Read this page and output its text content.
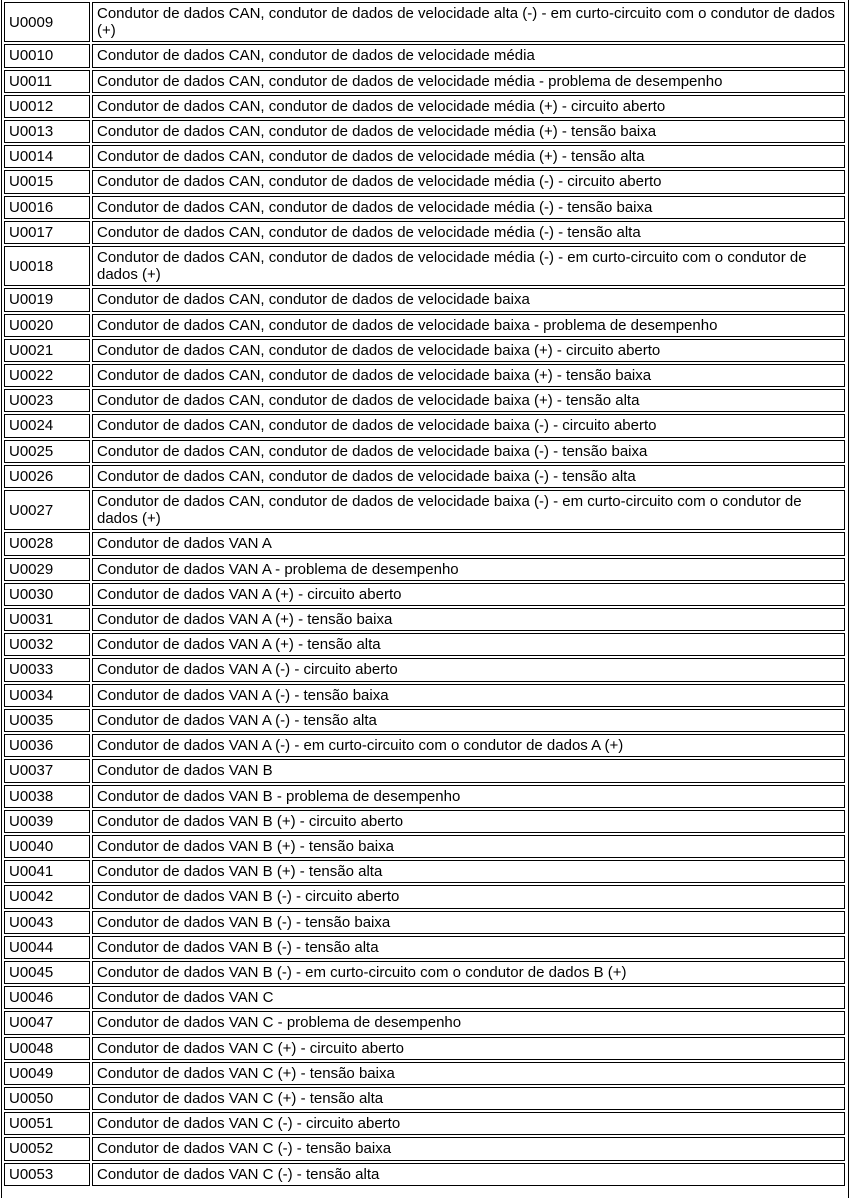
U0009	Condutor de dados CAN, condutor de dados de velocidade alta (-) - em curto-circuito com o condutor de dados (+)
U0010	Condutor de dados CAN, condutor de dados de velocidade média
U0011	Condutor de dados CAN, condutor de dados de velocidade média - problema de desempenho
U0012	Condutor de dados CAN, condutor de dados de velocidade média (+) - circuito aberto
U0013	Condutor de dados CAN, condutor de dados de velocidade média (+) - tensão baixa
U0014	Condutor de dados CAN, condutor de dados de velocidade média (+) - tensão alta
U0015	Condutor de dados CAN, condutor de dados de velocidade média (-) - circuito aberto
U0016	Condutor de dados CAN, condutor de dados de velocidade média (-) - tensão baixa
U0017	Condutor de dados CAN, condutor de dados de velocidade média (-) - tensão alta
U0018	Condutor de dados CAN, condutor de dados de velocidade média (-) - em curto-circuito com o condutor de dados (+)
U0019	Condutor de dados CAN, condutor de dados de velocidade baixa
U0020	Condutor de dados CAN, condutor de dados de velocidade baixa - problema de desempenho
U0021	Condutor de dados CAN, condutor de dados de velocidade baixa (+) - circuito aberto
U0022	Condutor de dados CAN, condutor de dados de velocidade baixa (+) - tensão baixa
U0023	Condutor de dados CAN, condutor de dados de velocidade baixa (+) - tensão alta
U0024	Condutor de dados CAN, condutor de dados de velocidade baixa (-) - circuito aberto
U0025	Condutor de dados CAN, condutor de dados de velocidade baixa (-) - tensão baixa
U0026	Condutor de dados CAN, condutor de dados de velocidade baixa (-) - tensão alta
U0027	Condutor de dados CAN, condutor de dados de velocidade baixa (-) - em curto-circuito com o condutor de dados (+)
U0028	Condutor de dados VAN A
U0029	Condutor de dados VAN A - problema de desempenho
U0030	Condutor de dados VAN A (+) - circuito aberto
U0031	Condutor de dados VAN A (+) - tensão baixa
U0032	Condutor de dados VAN A (+) - tensão alta
U0033	Condutor de dados VAN A (-) - circuito aberto
U0034	Condutor de dados VAN A (-) - tensão baixa
U0035	Condutor de dados VAN A (-) - tensão alta
U0036	Condutor de dados VAN A (-) - em curto-circuito com o condutor de dados A (+)
U0037	Condutor de dados VAN B
U0038	Condutor de dados VAN B - problema de desempenho
U0039	Condutor de dados VAN B (+) - circuito aberto
U0040	Condutor de dados VAN B (+) - tensão baixa
U0041	Condutor de dados VAN B (+) - tensão alta
U0042	Condutor de dados VAN B (-) - circuito aberto
U0043	Condutor de dados VAN B (-) - tensão baixa
U0044	Condutor de dados VAN B (-) - tensão alta
U0045	Condutor de dados VAN B (-) - em curto-circuito com o condutor de dados B (+)
U0046	Condutor de dados VAN C
U0047	Condutor de dados VAN C - problema de desempenho
U0048	Condutor de dados VAN C (+) - circuito aberto
U0049	Condutor de dados VAN C (+) - tensão baixa
U0050	Condutor de dados VAN C (+) - tensão alta
U0051	Condutor de dados VAN C (-) - circuito aberto
U0052	Condutor de dados VAN C (-) - tensão baixa
U0053	Condutor de dados VAN C (-) - tensão alta
